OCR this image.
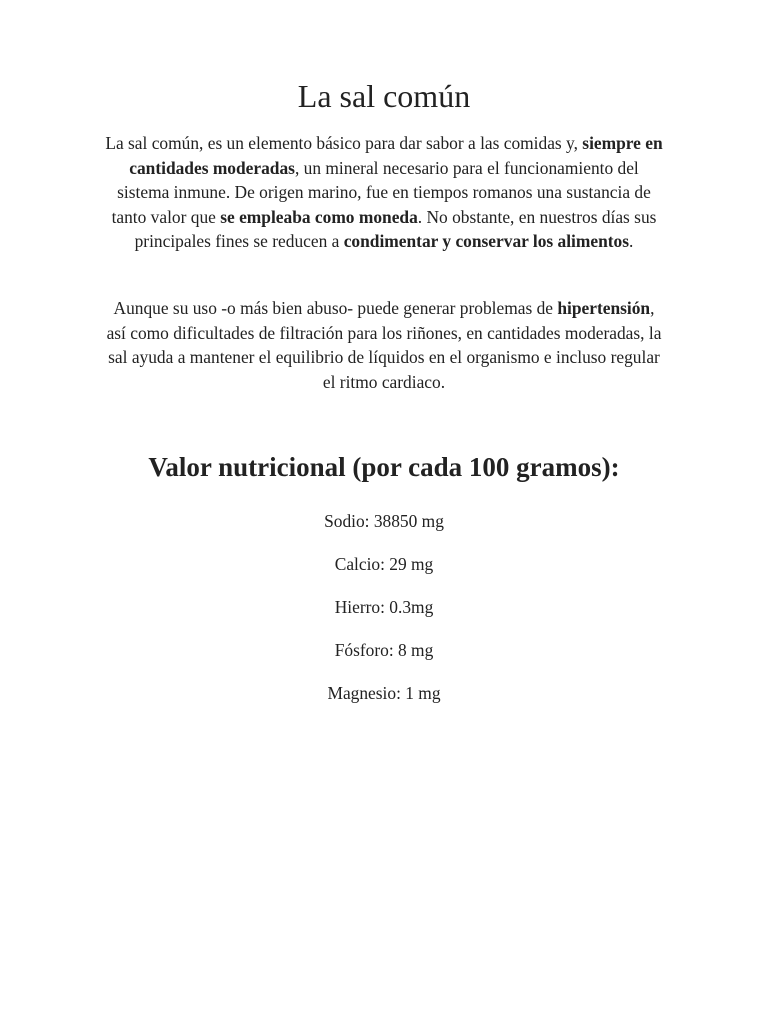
La sal común

La sal común, es un elemento básico para dar sabor a las comidas y, siempre en cantidades moderadas, un mineral necesario para el funcionamiento del sistema inmune. De origen marino, fue en tiempos romanos una sustancia de tanto valor que se empleaba como moneda. No obstante, en nuestros días sus principales fines se reducen a condimentar y conservar los alimentos.

Aunque su uso -o más bien abuso- puede generar problemas de hipertensión, así como dificultades de filtración para los riñones, en cantidades moderadas, la sal ayuda a mantener el equilibrio de líquidos en el organismo e incluso regular el ritmo cardiaco.

Valor nutricional (por cada 100 gramos):
Sodio: 38850 mg
Calcio: 29 mg
Hierro: 0.3mg
Fósforo: 8 mg
Magnesio: 1 mg
